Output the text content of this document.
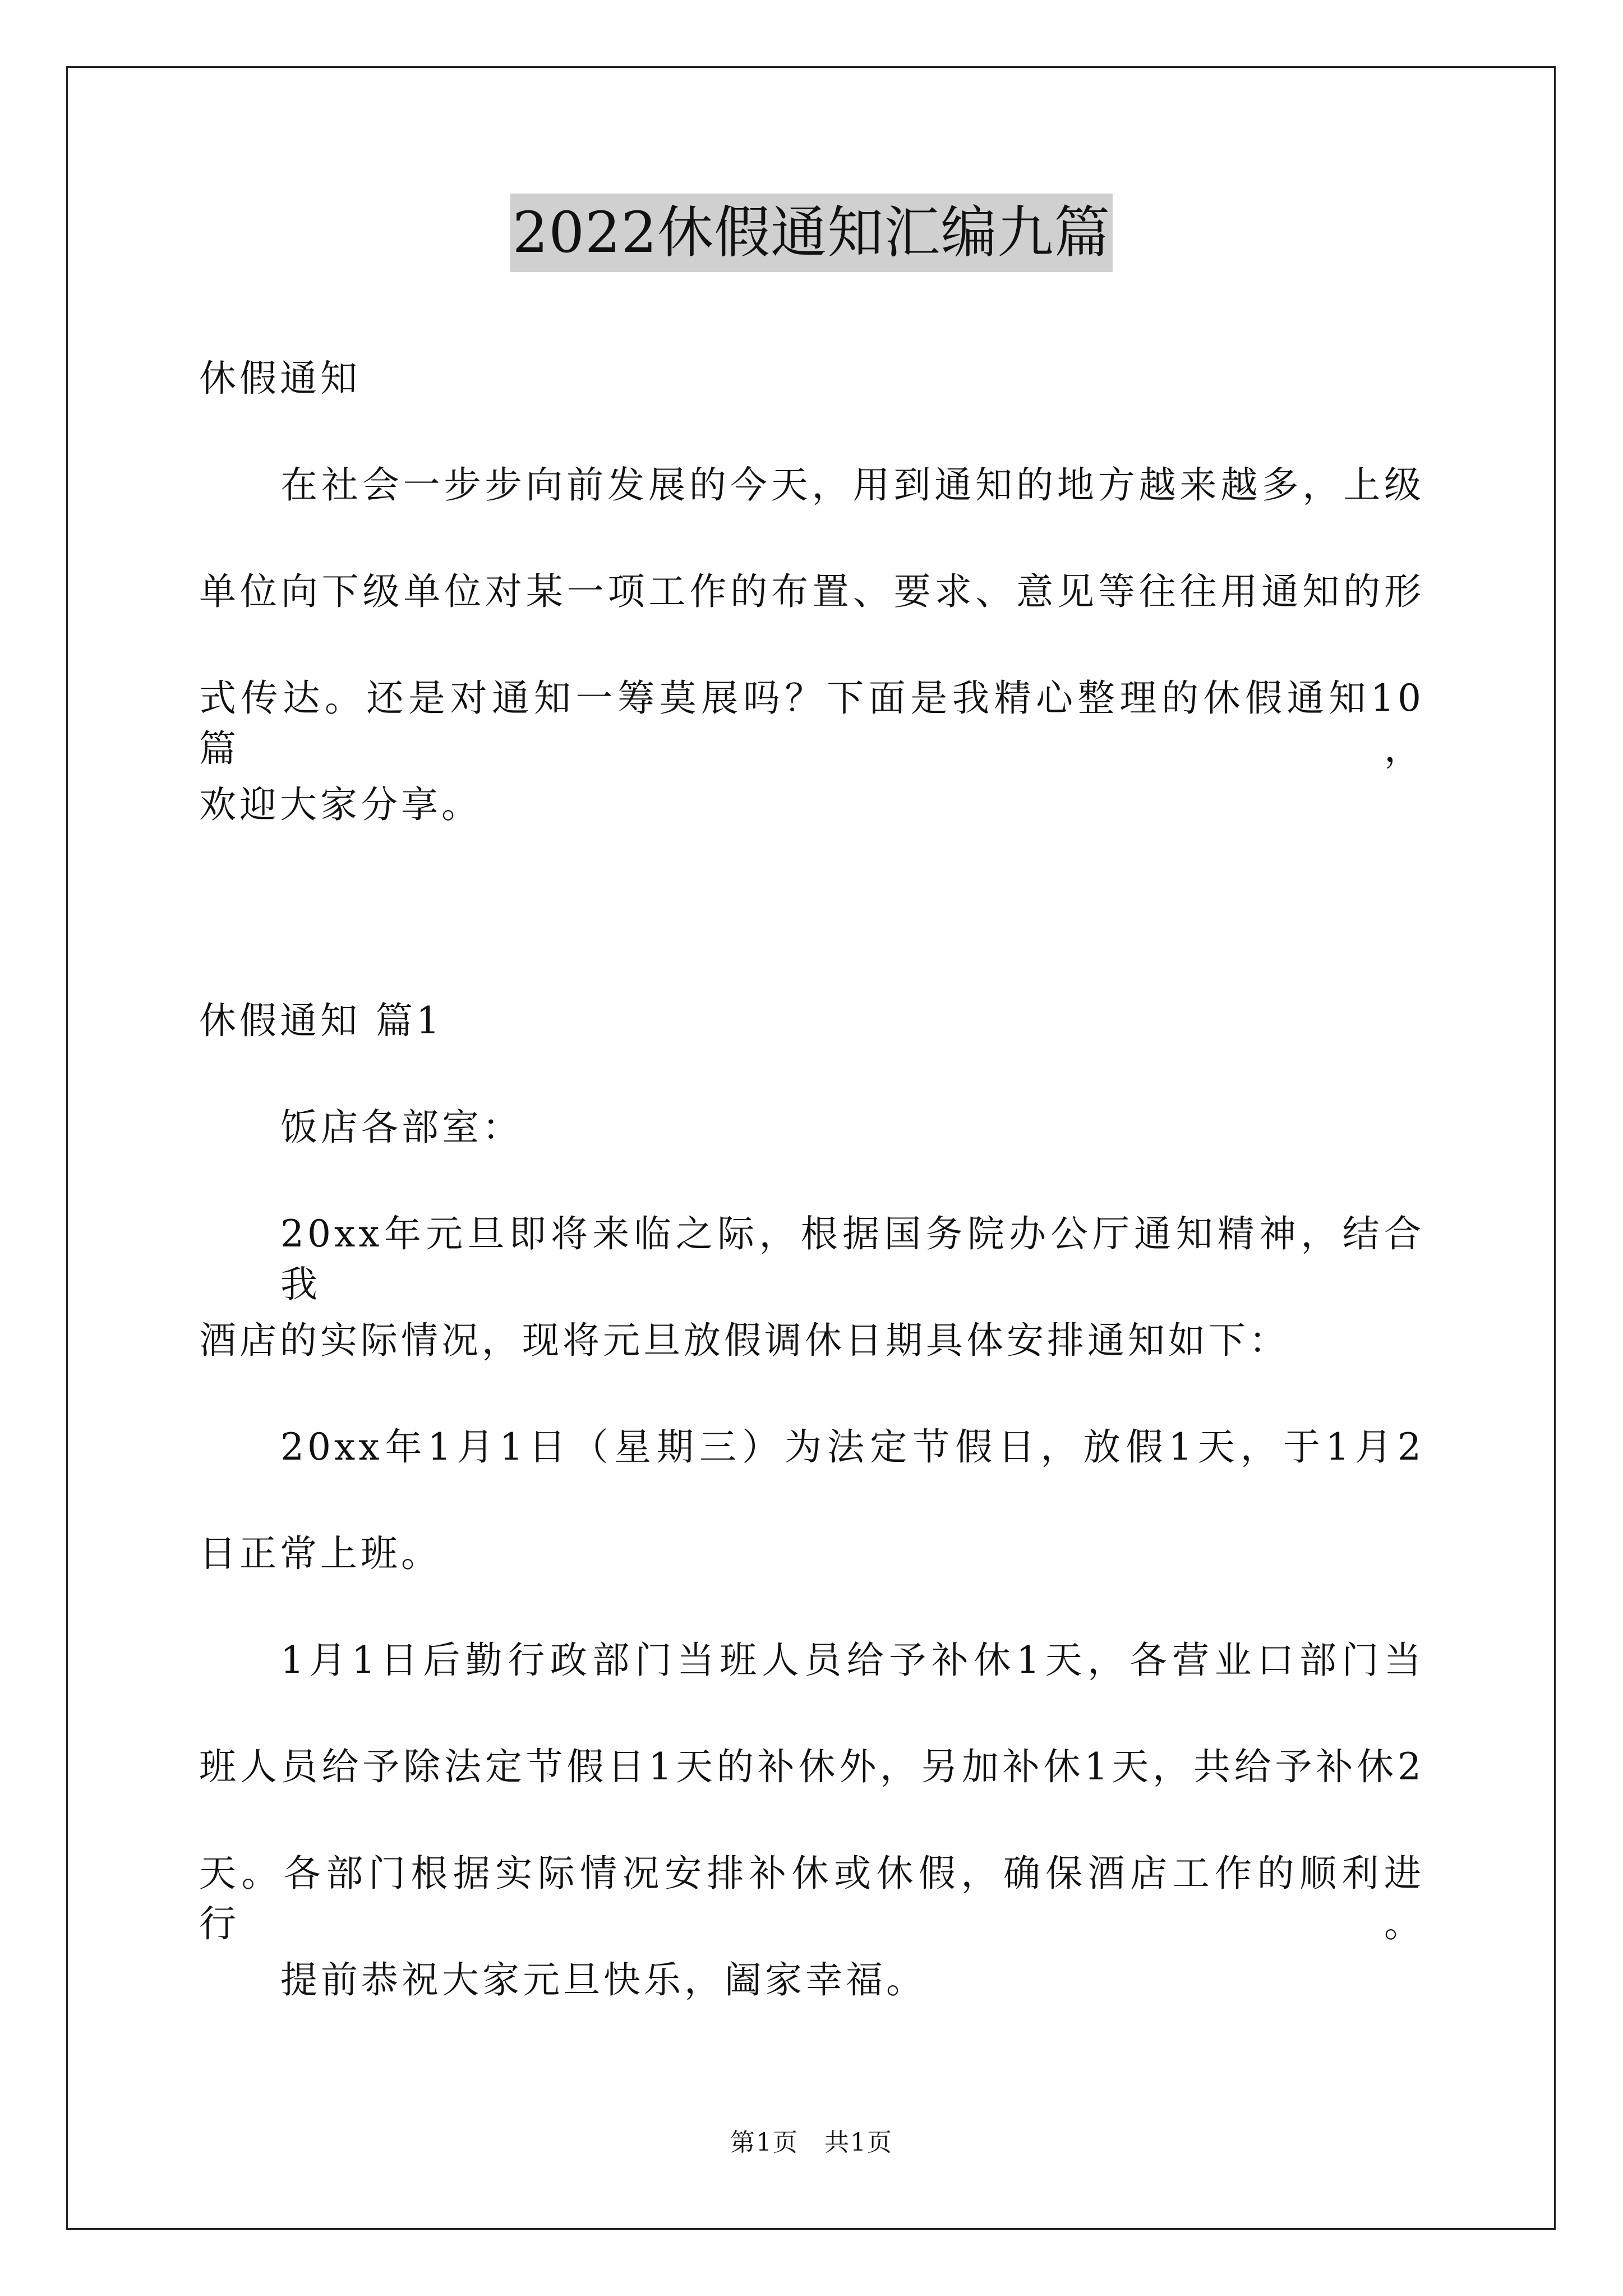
2022休假通知汇编九篇
休假通知
在社会一步步向前发展的今天，用到通知的地方越来越多，上级
单位向下级单位对某一项工作的布置、要求、意见等往往用通知的形
式传达。还是对通知一筹莫展吗？下面是我精心整理的休假通知10篇，
欢迎大家分享。
休假通知 篇1
饭店各部室：
20xx年元旦即将来临之际，根据国务院办公厅通知精神，结合我
酒店的实际情况，现将元旦放假调休日期具体安排通知如下：
20xx年1月1日（星期三）为法定节假日，放假1天，于1月2
日正常上班。
1月1日后勤行政部门当班人员给予补休1天，各营业口部门当
班人员给予除法定节假日1天的补休外，另加补休1天，共给予补休2
天。各部门根据实际情况安排补休或休假，确保酒店工作的顺利进行。
提前恭祝大家元旦快乐，阖家幸福。
第1页　共1页
